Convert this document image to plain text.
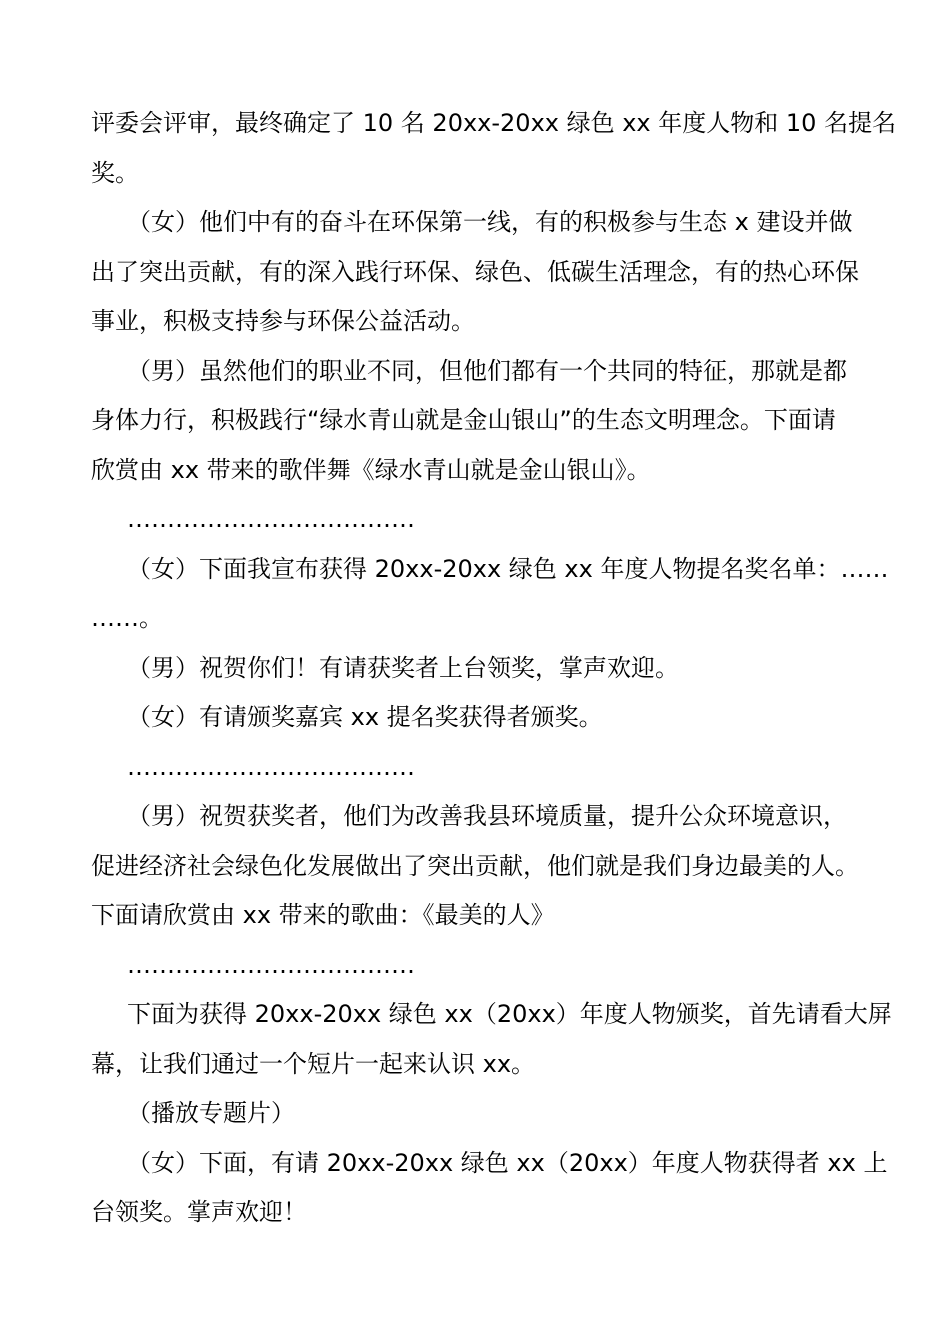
评委会评审，最终确定了 10 名 20xx-20xx 绿色 xx 年度人物和 10 名提名
奖。
（女）他们中有的奋斗在环保第一线，有的积极参与生态 x 建设并做
出了突出贡献，有的深入践行环保、绿色、低碳生活理念，有的热心环保
事业，积极支持参与环保公益活动。
（男）虽然他们的职业不同，但他们都有一个共同的特征，那就是都
身体力行，积极践行“绿水青山就是金山银山”的生态文明理念。下面请
欣赏由 xx 带来的歌伴舞《绿水青山就是金山银山》。
………………………………
（女）下面我宣布获得 20xx-20xx 绿色 xx 年度人物提名奖名单：……
……。
（男）祝贺你们！有请获奖者上台领奖，掌声欢迎。
（女）有请颁奖嘉宾 xx 提名奖获得者颁奖。
………………………………
（男）祝贺获奖者，他们为改善我县环境质量，提升公众环境意识，
促进经济社会绿色化发展做出了突出贡献，他们就是我们身边最美的人。
下面请欣赏由 xx 带来的歌曲：《最美的人》
………………………………
下面为获得 20xx-20xx 绿色 xx（20xx）年度人物颁奖，首先请看大屏
幕，让我们通过一个短片一起来认识 xx。
（播放专题片）
（女）下面，有请 20xx-20xx 绿色 xx（20xx）年度人物获得者 xx 上
台领奖。掌声欢迎！
